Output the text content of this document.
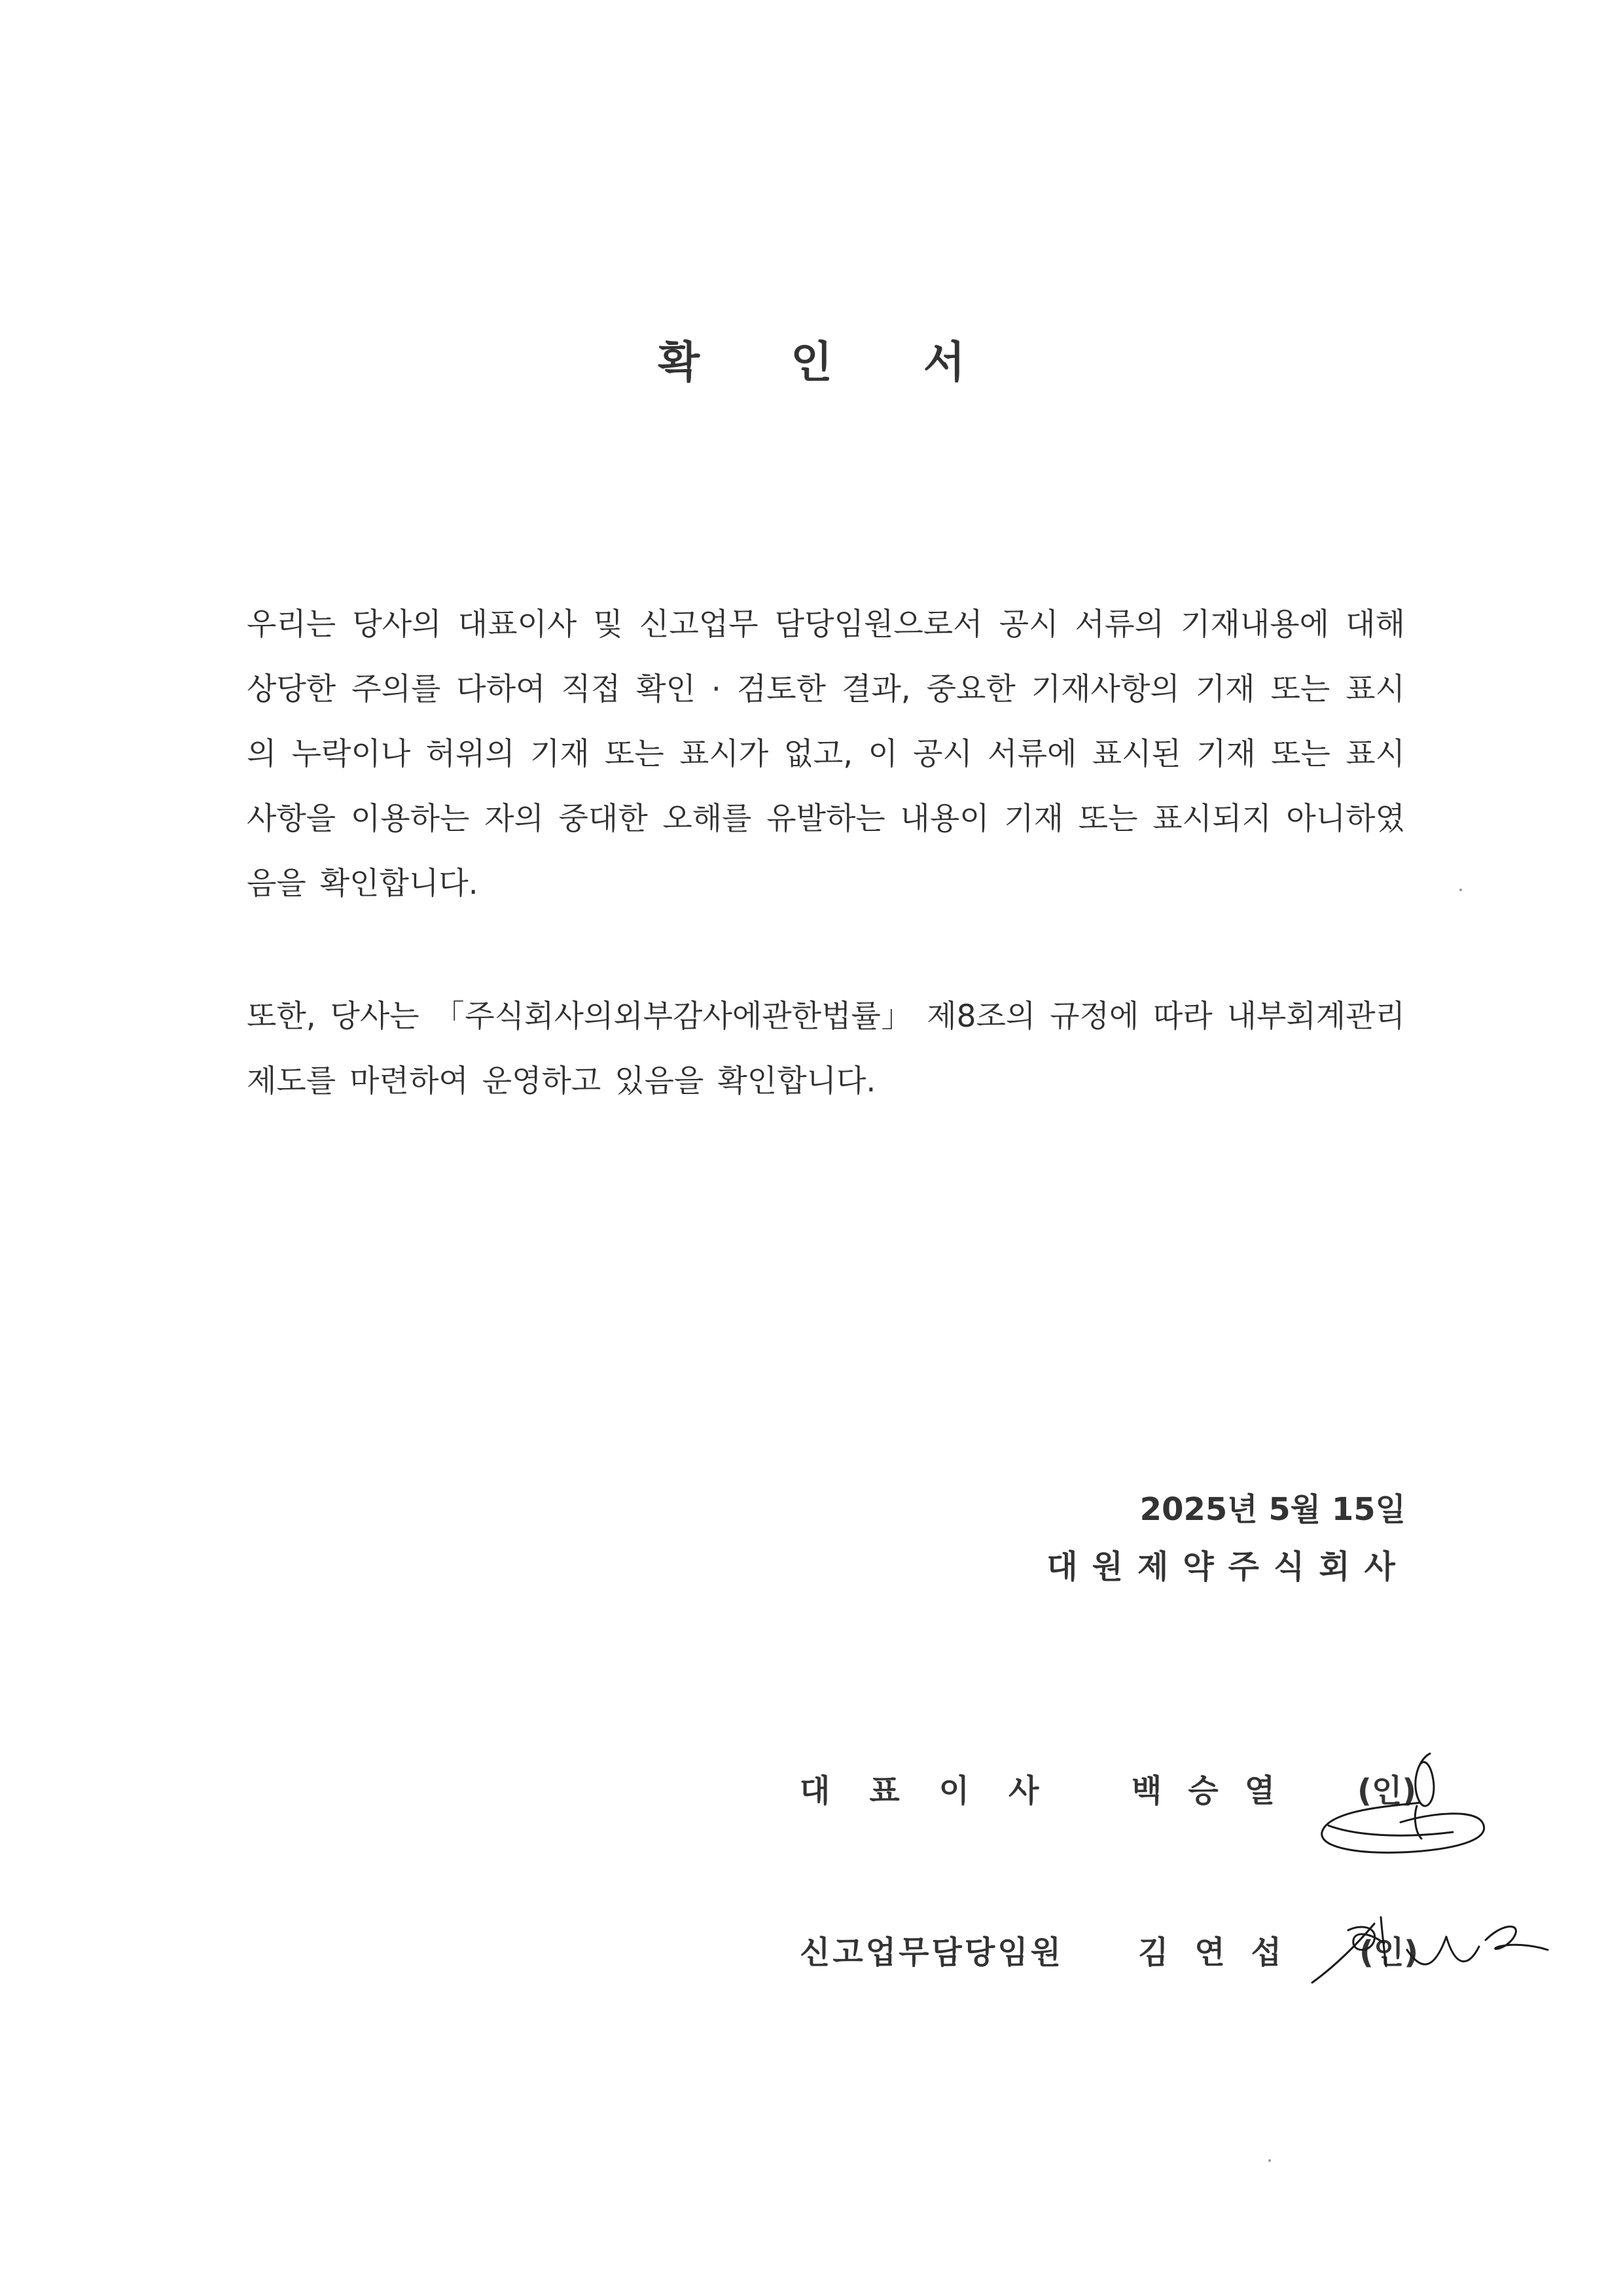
확 인 서
우리는 당사의 대표이사 및 신고업무 담당임원으로서 공시 서류의 기재내용에 대해 상당한 주의를 다하여 직접 확인 · 검토한 결과, 중요한 기재사항의 기재 또는 표시의 누락이나 허위의 기재 또는 표시가 없고, 이 공시 서류에 표시된 기재 또는 표시사항을 이용하는 자의 중대한 오해를 유발하는 내용이 기재 또는 표시되지 아니하였음을 확인합니다.
또한, 당사는 「주식회사의외부감사에관한법률」 제8조의 규정에 따라 내부회계관리제도를 마련하여 운영하고 있음을 확인합니다.
2025년 5월 15일
대원제약주식회사
대표이사 백승열 (인)
신고업무담당임원 김연섭 (인)
